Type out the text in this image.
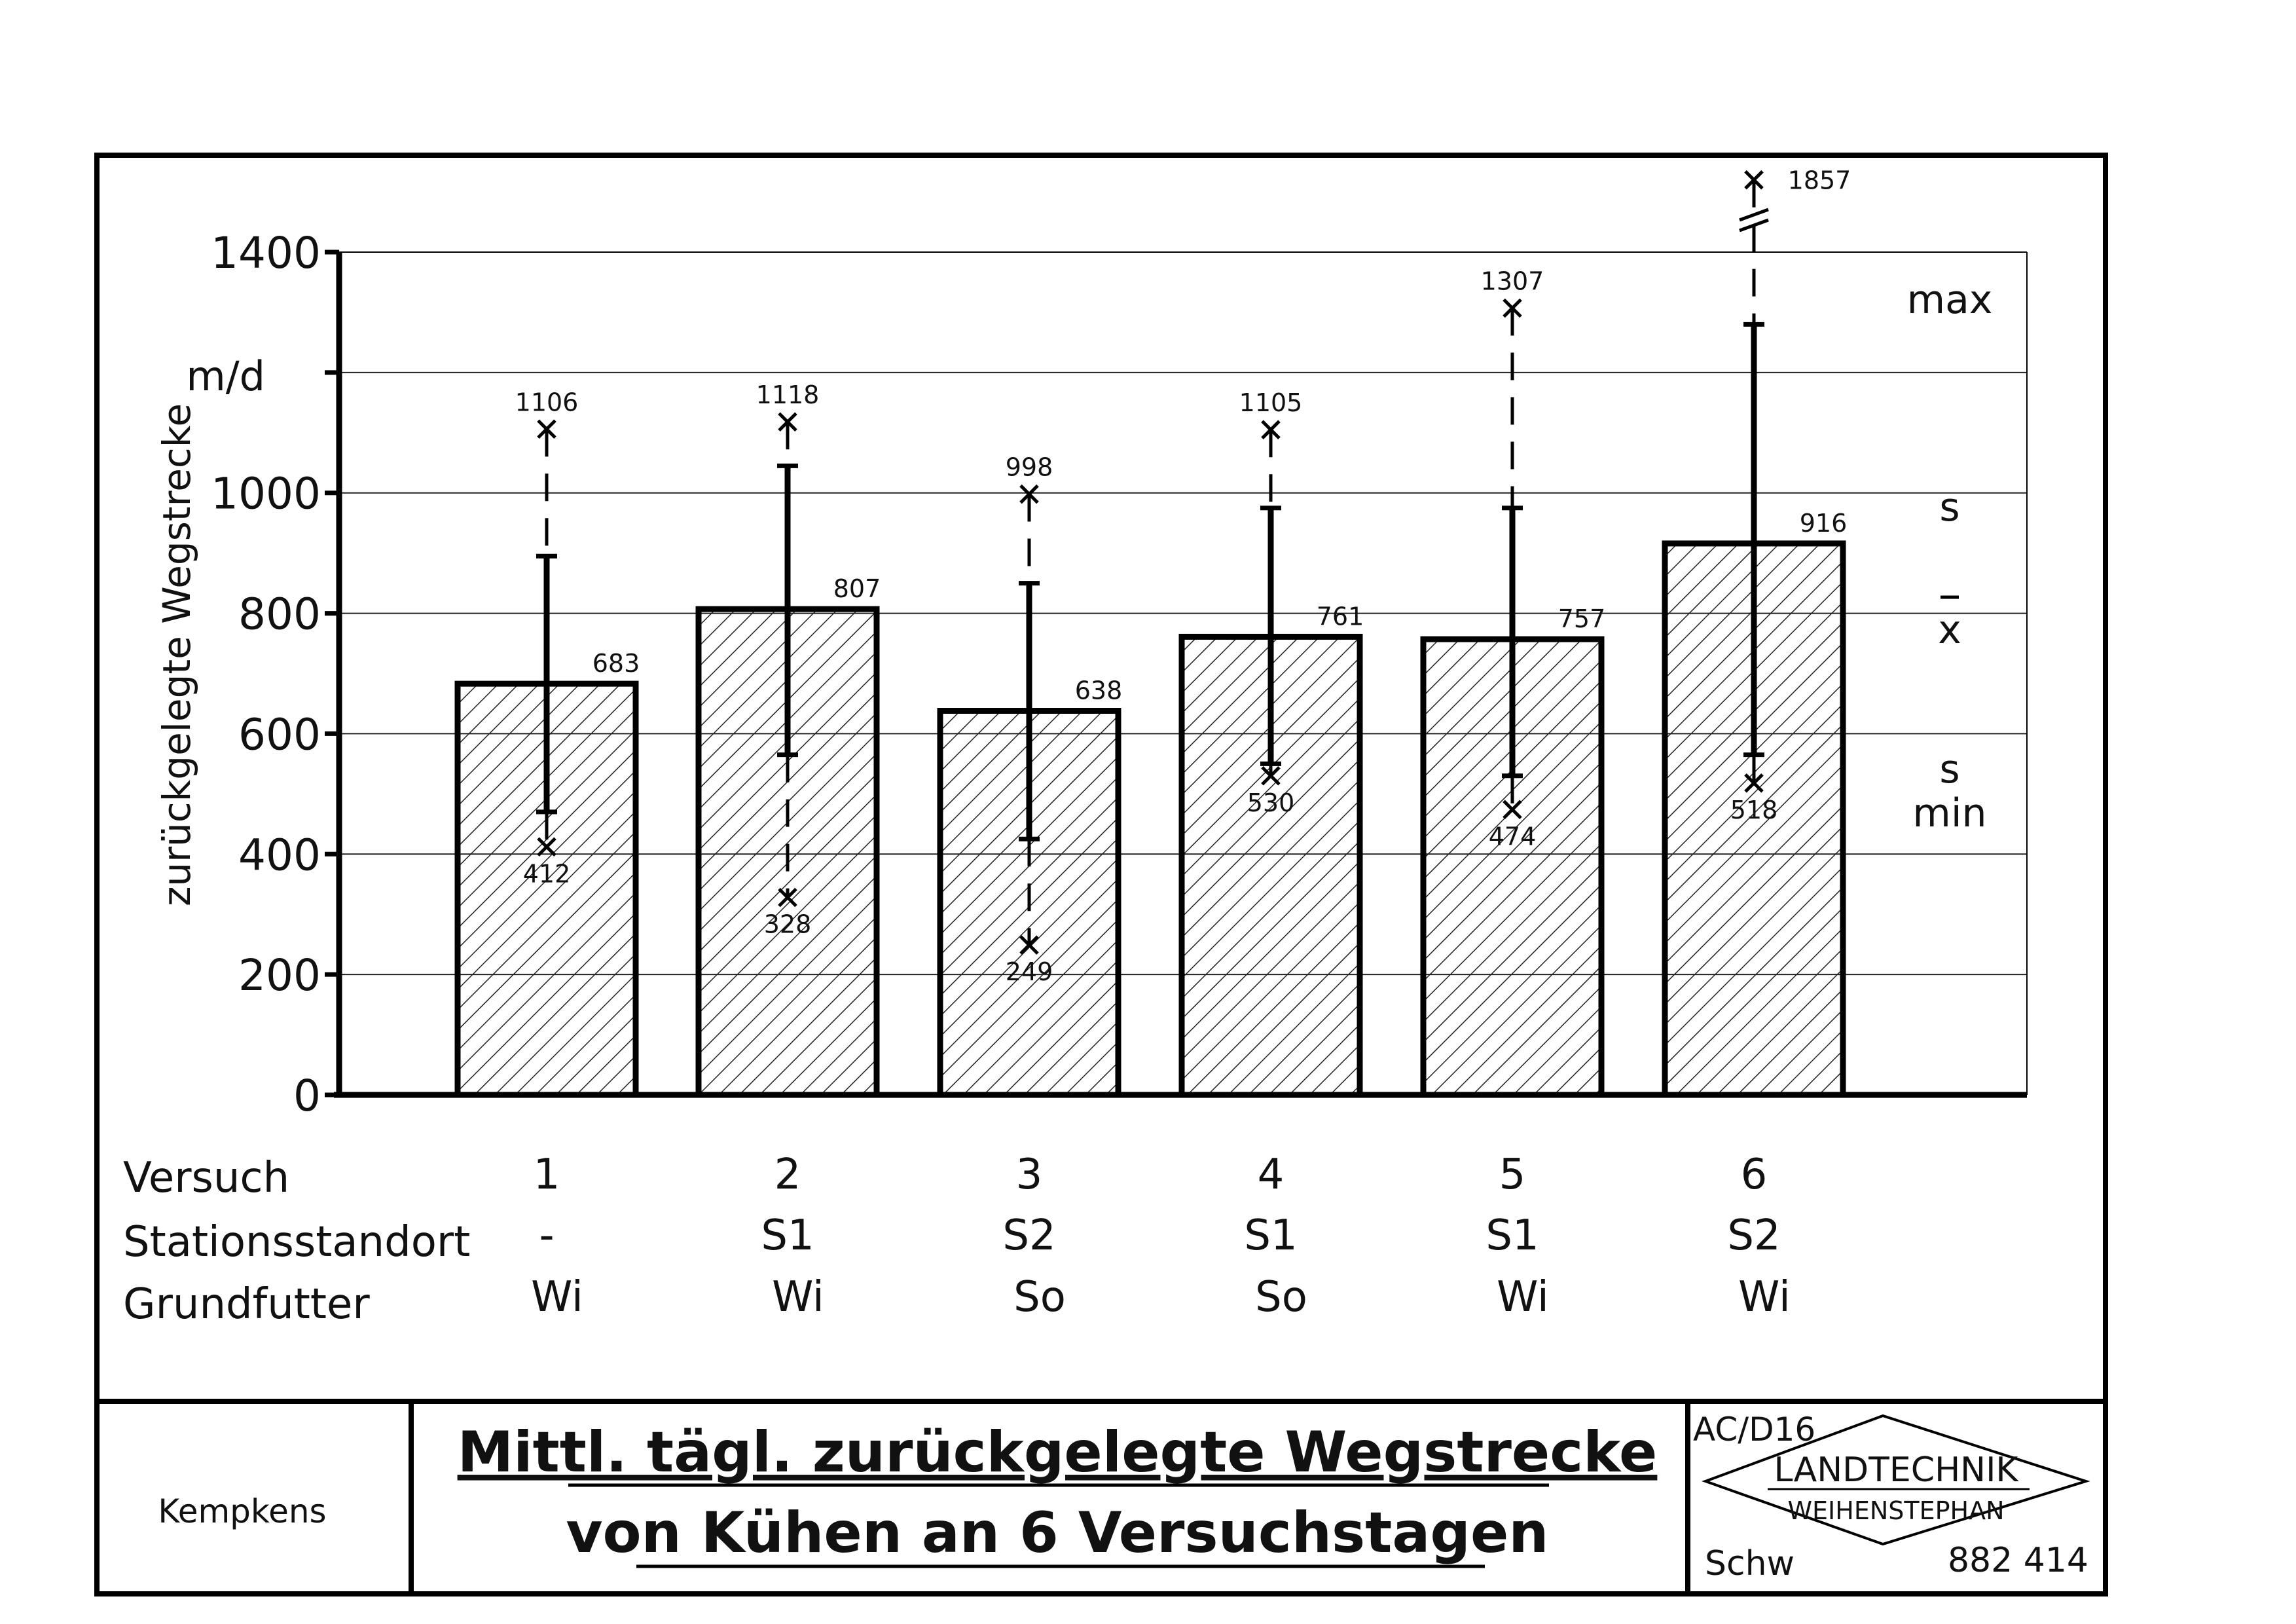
0
200
400
600
800
1000
1400
zurückgelegte Wegstrecke
m/d
683
1106
412
807
1118
328
638
998
249
761
1105
530
757
1307
474
916
1857
518
max
s
x
s
min
Versuch
Stationsstandort
Grundfutter
1
-
Wi
2
S1
Wi
3
S2
So
4
S1
So
5
S1
Wi
6
S2
Wi
Kempkens
Mittl. tägl. zurückgelegte Wegstrecke
von Kühen an 6 Versuchstagen
AC/D16
LANDTECHNIK
WEIHENSTEPHAN
Schw	882 414
